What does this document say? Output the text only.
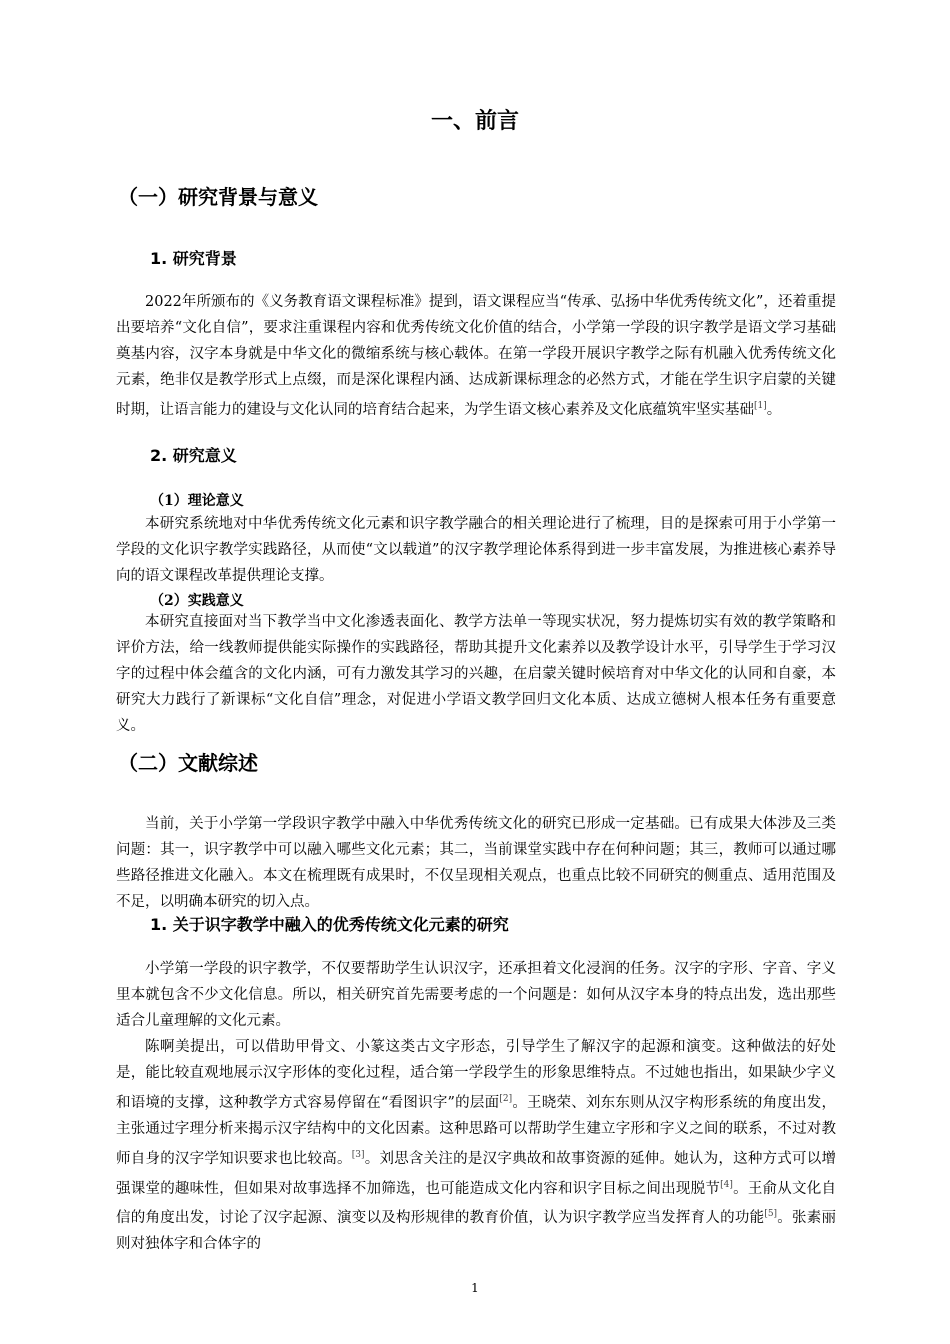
一、前言
（一）研究背景与意义
1. 研究背景

2022年所颁布的《义务教育语文课程标准》提到，语文课程应当“传承、弘扬中华优秀传统文化”，还着重提出要培养“文化自信”，要求注重课程内容和优秀传统文化价值的结合，小学第一学段的识字教学是语文学习基础奠基内容，汉字本身就是中华文化的微缩系统与核心载体。在第一学段开展识字教学之际有机融入优秀传统文化元素，绝非仅是教学形式上点缀，而是深化课程内涵、达成新课标理念的必然方式，才能在学生识字启蒙的关键时期，让语言能力的建设与文化认同的培育结合起来，为学生语文核心素养及文化底蕴筑牢坚实基础[1]。

2. 研究意义
（1）理论意义

本研究系统地对中华优秀传统文化元素和识字教学融合的相关理论进行了梳理，目的是探索可用于小学第一学段的文化识字教学实践路径，从而使“文以载道”的汉字教学理论体系得到进一步丰富发展，为推进核心素养导向的语文课程改革提供理论支撑。

（2）实践意义

本研究直接面对当下教学当中文化渗透表面化、教学方法单一等现实状况，努力提炼切实有效的教学策略和评价方法，给一线教师提供能实际操作的实践路径，帮助其提升文化素养以及教学设计水平，引导学生于学习汉字的过程中体会蕴含的文化内涵，可有力激发其学习的兴趣，在启蒙关键时候培育对中华文化的认同和自豪，本研究大力践行了新课标“文化自信”理念，对促进小学语文教学回归文化本质、达成立德树人根本任务有重要意义。

（二）文献综述

当前，关于小学第一学段识字教学中融入中华优秀传统文化的研究已形成一定基础。已有成果大体涉及三类问题：其一，识字教学中可以融入哪些文化元素；其二，当前课堂实践中存在何种问题；其三，教师可以通过哪些路径推进文化融入。本文在梳理既有成果时，不仅呈现相关观点，也重点比较不同研究的侧重点、适用范围及不足，以明确本研究的切入点。

1. 关于识字教学中融入的优秀传统文化元素的研究

小学第一学段的识字教学，不仅要帮助学生认识汉字，还承担着文化浸润的任务。汉字的字形、字音、字义里本就包含不少文化信息。所以，相关研究首先需要考虑的一个问题是：如何从汉字本身的特点出发，选出那些适合儿童理解的文化元素。

陈啊美提出，可以借助甲骨文、小篆这类古文字形态，引导学生了解汉字的起源和演变。这种做法的好处是，能比较直观地展示汉字形体的变化过程，适合第一学段学生的形象思维特点。不过她也指出，如果缺少字义和语境的支撑，这种教学方式容易停留在“看图识字”的层面[2]。王晓荣、刘东东则从汉字构形系统的角度出发，主张通过字理分析来揭示汉字结构中的文化因素。这种思路可以帮助学生建立字形和字义之间的联系，不过对教师自身的汉字学知识要求也比较高。[3]。刘思含关注的是汉字典故和故事资源的延伸。她认为，这种方式可以增强课堂的趣味性，但如果对故事选择不加筛选，也可能造成文化内容和识字目标之间出现脱节[4]。王俞从文化自信的角度出发，讨论了汉字起源、演变以及构形规律的教育价值，认为识字教学应当发挥育人的功能[5]。张素丽则对独体字和合体字的

1
